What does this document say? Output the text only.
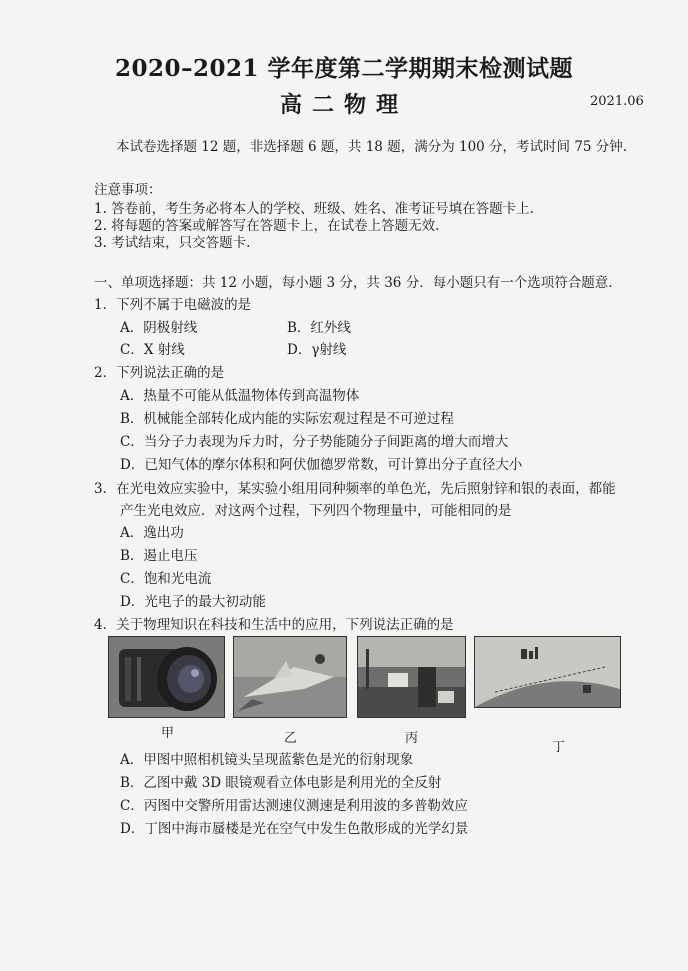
2020–2021 学年度第二学期期末检测试题
高二物理	2021.06
本试卷选择题 12 题，非选择题 6 题，共 18 题，满分为 100 分，考试时间 75 分钟.
注意事项：
1. 答卷前，考生务必将本人的学校、班级、姓名、准考证号填在答题卡上.
2. 将每题的答案或解答写在答题卡上，在试卷上答题无效.
3. 考试结束，只交答题卡.
一、单项选择题：共 12 小题，每小题 3 分，共 36 分．每小题只有一个选项符合题意．
1．下列不属于电磁波的是
A．阴极射线	B．红外线
C．X 射线	D．γ射线
2．下列说法正确的是
A．热量不可能从低温物体传到高温物体
B．机械能全部转化成内能的实际宏观过程是不可逆过程
C．当分子力表现为斥力时，分子势能随分子间距离的增大而增大
D．已知气体的摩尔体积和阿伏伽德罗常数，可计算出分子直径大小
3．在光电效应实验中，某实验小组用同种频率的单色光，先后照射锌和银的表面，都能
产生光电效应．对这两个过程，下列四个物理量中，可能相同的是
A．逸出功
B．遏止电压
C．饱和光电流
D．光电子的最大初动能
4．关于物理知识在科技和生活中的应用，下列说法正确的是
甲	乙	丙
丁
A．甲图中照相机镜头呈现蓝紫色是光的衍射现象
B．乙图中戴 3D 眼镜观看立体电影是利用光的全反射
C．丙图中交警所用雷达测速仪测速是利用波的多普勒效应
D．丁图中海市蜃楼是光在空气中发生色散形成的光学幻景
